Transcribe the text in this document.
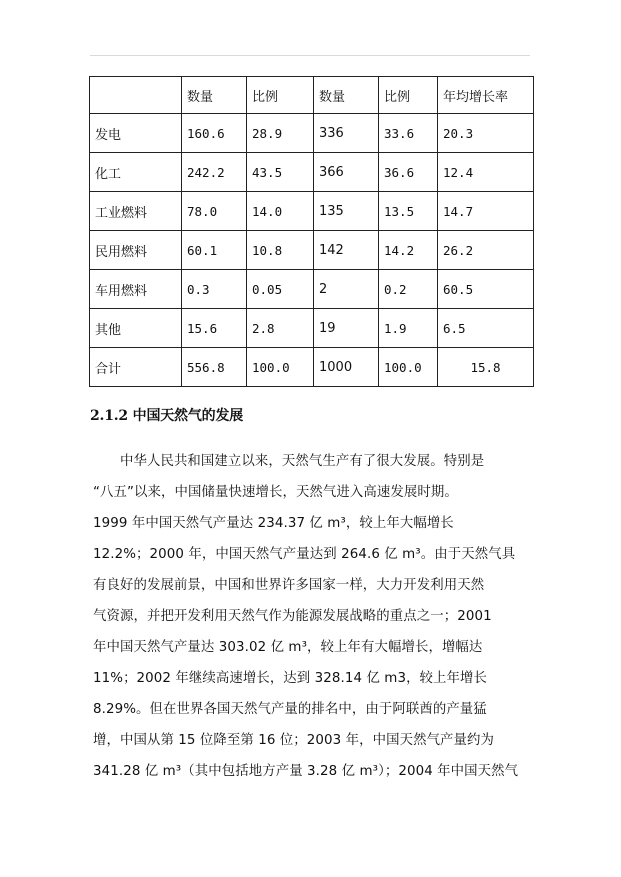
	数量	比例	数量	比例	年均增长率
发电	160.6	28.9	336	33.6	20.3
化工	242.2	43.5	366	36.6	12.4
工业燃料	78.0	14.0	135	13.5	14.7
民用燃料	60.1	10.8	142	14.2	26.2
车用燃料	0.3	0.05	2	0.2	60.5
其他	15.6	2.8	19	1.9	6.5
合计	556.8	100.0	1000	100.0	15.8
2.1.2 中国天然气的发展
　　中华人民共和国建立以来，天然气生产有了很大发展。特别是
“八五”以来，中国储量快速增长，天然气进入高速发展时期。
1999 年中国天然气产量达 234.37 亿 m³，较上年大幅增长
12.2%；2000 年，中国天然气产量达到 264.6 亿 m³。由于天然气具
有良好的发展前景，中国和世界许多国家一样，大力开发利用天然
气资源，并把开发利用天然气作为能源发展战略的重点之一；2001
年中国天然气产量达 303.02 亿 m³，较上年有大幅增长，增幅达
11%；2002 年继续高速增长，达到 328.14 亿 m3，较上年增长
8.29%。但在世界各国天然气产量的排名中，由于阿联酋的产量猛
增，中国从第 15 位降至第 16 位；2003 年，中国天然气产量约为
341.28 亿 m³（其中包括地方产量 3.28 亿 m³）；2004 年中国天然气
